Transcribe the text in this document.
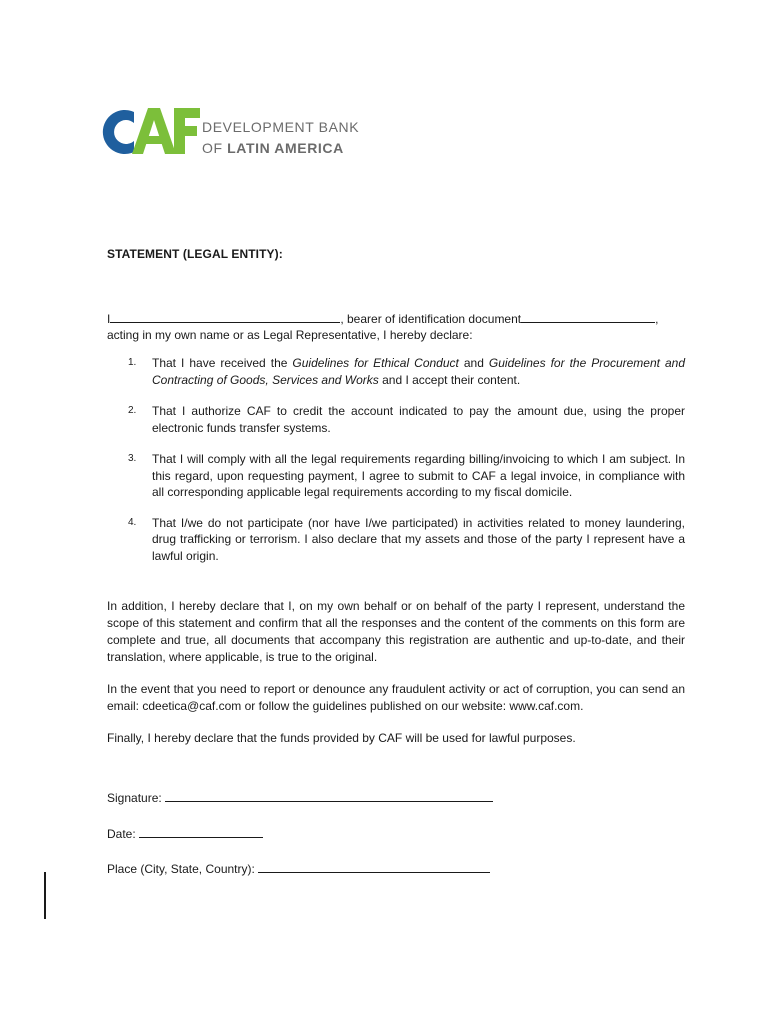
DEVELOPMENT BANK
OF LATIN AMERICA
STATEMENT (LEGAL ENTITY):
I	, bearer of identification document	,
acting in my own name or as Legal Representative, I hereby declare:
1. That I have received the Guidelines for Ethical Conduct and Guidelines for the Procurement and Contracting of Goods, Services and Works and I accept their content.
2. That I authorize CAF to credit the account indicated to pay the amount due, using the proper electronic funds transfer systems.
3. That I will comply with all the legal requirements regarding billing/invoicing to which I am subject. In this regard, upon requesting payment, I agree to submit to CAF a legal invoice, in compliance with all corresponding applicable legal requirements according to my fiscal domicile.
4. That I/we do not participate (nor have I/we participated) in activities related to money laundering, drug trafficking or terrorism. I also declare that my assets and those of the party I represent have a lawful origin.

In addition, I hereby declare that I, on my own behalf or on behalf of the party I represent, understand the scope of this statement and confirm that all the responses and the content of the comments on this form are complete and true, all documents that accompany this registration are authentic and up-to-date, and their translation, where applicable, is true to the original.

In the event that you need to report or denounce any fraudulent activity or act of corruption, you can send an email: cdeetica@caf.com or follow the guidelines published on our website: www.caf.com.

Finally, I hereby declare that the funds provided by CAF will be used for lawful purposes.

Signature:
Date:
Place (City, State, Country):
